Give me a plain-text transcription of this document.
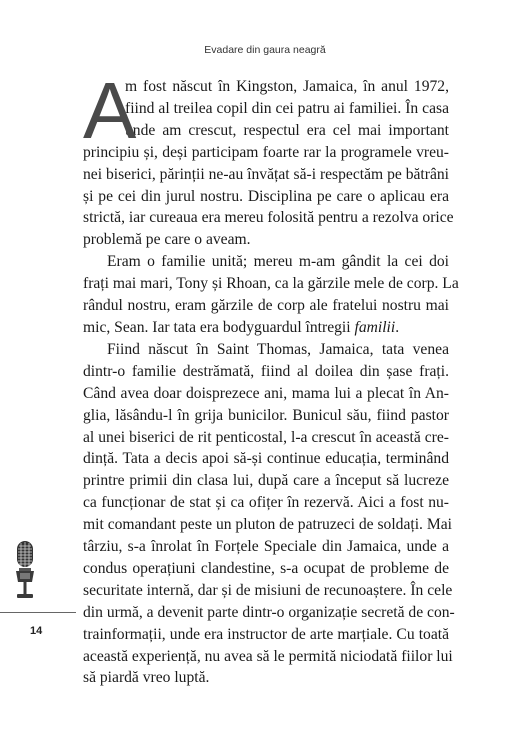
Evadare din gaura neagră
A
m fost născut în Kingston, Jamaica, în anul 1972,
fiind al treilea copil din cei patru ai familiei. În casa
unde am crescut, respectul era cel mai important
principiu și, deși participam foarte rar la programele vreu-
nei biserici, părinții ne-au învățat să-i respectăm pe bătrâni
și pe cei din jurul nostru. Disciplina pe care o aplicau era
strictă, iar cureaua era mereu folosită pentru a rezolva orice
problemă pe care o aveam.
Eram o familie unită; mereu m-am gândit la cei doi
frați mai mari, Tony și Rhoan, ca la gărzile mele de corp. La
rândul nostru, eram gărzile de corp ale fratelui nostru mai
mic, Sean. Iar tata era bodyguardul întregii familii.
Fiind născut în Saint Thomas, Jamaica, tata venea
dintr-o familie destrămată, fiind al doilea din șase frați.
Când avea doar doisprezece ani, mama lui a plecat în An-
glia, lăsându-l în grija bunicilor. Bunicul său, fiind pastor
al unei biserici de rit penticostal, l-a crescut în această cre-
dință. Tata a decis apoi să-și continue educația, terminând
printre primii din clasa lui, după care a început să lucreze
ca funcționar de stat și ca ofițer în rezervă. Aici a fost nu-
mit comandant peste un pluton de patruzeci de soldați. Mai
târziu, s-a înrolat în Forțele Speciale din Jamaica, unde a
condus operațiuni clandestine, s-a ocupat de probleme de
securitate internă, dar și de misiuni de recunoaștere. În cele
din urmă, a devenit parte dintr-o organizație secretă de con-
trainformații, unde era instructor de arte marțiale. Cu toată
această experiență, nu avea să le permită niciodată fiilor lui
să piardă vreo luptă.
14
